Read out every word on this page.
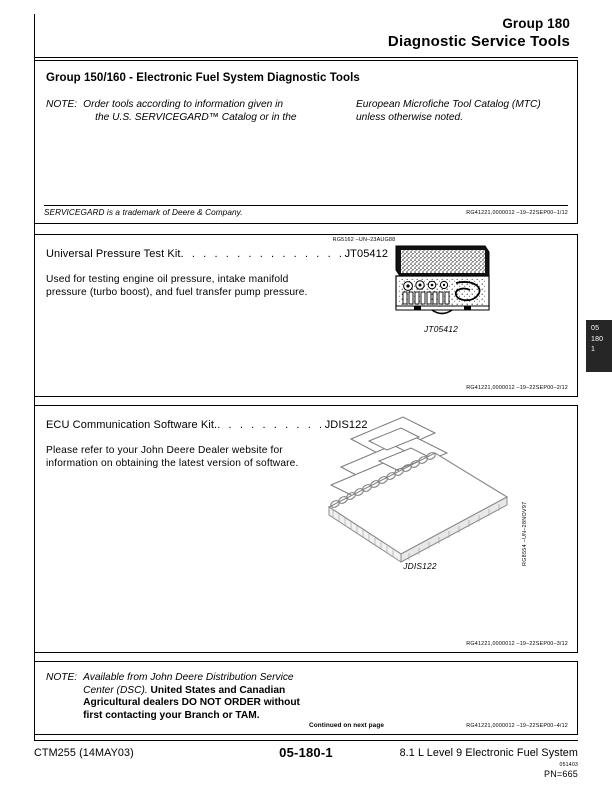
Group 180
Diagnostic Service Tools
Group 150/160 - Electronic Fuel System Diagnostic Tools
NOTE: Order tools according to information given in
the U.S. SERVICEGARD™ Catalog or in the
European Microfiche Tool Catalog (MTC)
unless otherwise noted.
SERVICEGARD is a trademark of Deere & Company.	RG41221,0000012 –19–22SEP00–1/12
RG5162 –UN–23AUG88
Universal Pressure Test Kit. . . . . . . . . . . . . . .JT05412
Used for testing engine oil pressure, intake manifold
pressure (turbo boost), and fuel transfer pump pressure.
JT05412
RG41221,0000012 –19–22SEP00–2/12
ECU Communication Software Kit.. . . . . . . . . .JDIS122
Please refer to your John Deere Dealer website for
information on obtaining the latest version of software.
JDIS122	RG8554 –UN–28NOV97
RG41221,0000012 –19–22SEP00–3/12
NOTE: Available from John Deere Distribution Service
Center (DSC). United States and Canadian
Agricultural dealers DO NOT ORDER without
first contacting your Branch or TAM.
Continued on next page	RG41221,0000012 –19–22SEP00–4/12
05
180
1
CTM255 (14MAY03)	05-180-1	8.1 L Level 9 Electronic Fuel System
051403
PN=665
